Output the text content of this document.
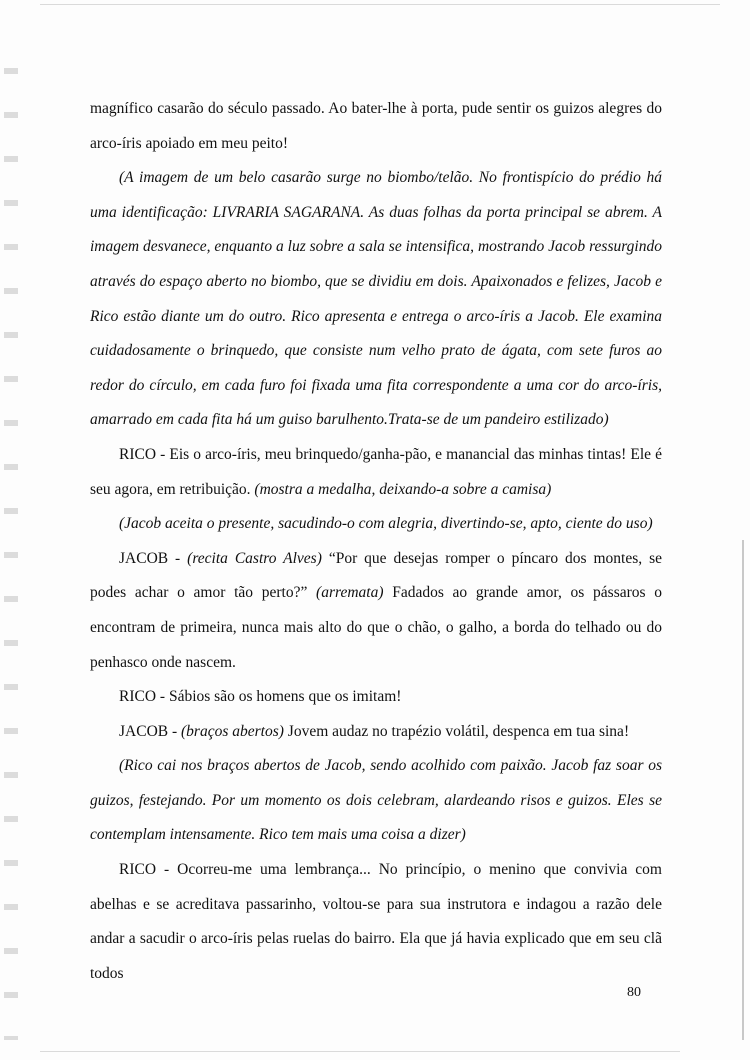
magnífico casarão do século passado. Ao bater-lhe à porta, pude sentir os guizos alegres do arco-íris apoiado em meu peito!

(A imagem de um belo casarão surge no biombo/telão. No frontispício do prédio há uma identificação: LIVRARIA SAGARANA. As duas folhas da porta principal se abrem. A imagem desvanece, enquanto a luz sobre a sala se intensifica, mostrando Jacob ressurgindo através do espaço aberto no biombo, que se dividiu em dois. Apaixonados e felizes, Jacob e Rico estão diante um do outro. Rico apresenta e entrega o arco-íris a Jacob. Ele examina cuidadosamente o brinquedo, que consiste num velho prato de ágata, com sete furos ao redor do círculo, em cada furo foi fixada uma fita correspondente a uma cor do arco-íris, amarrado em cada fita há um guiso barulhento.Trata-se de um pandeiro estilizado)

RICO - Eis o arco-íris, meu brinquedo/ganha-pão, e manancial das minhas tintas! Ele é seu agora, em retribuição. (mostra a medalha, deixando-a sobre a camisa)

(Jacob aceita o presente, sacudindo-o com alegria, divertindo-se, apto, ciente do uso)

JACOB - (recita Castro Alves) “Por que desejas romper o píncaro dos montes, se podes achar o amor tão perto?” (arremata) Fadados ao grande amor, os pássaros o encontram de primeira, nunca mais alto do que o chão, o galho, a borda do telhado ou do penhasco onde nascem.

RICO - Sábios são os homens que os imitam!

JACOB - (braços abertos) Jovem audaz no trapézio volátil, despenca em tua sina!

(Rico cai nos braços abertos de Jacob, sendo acolhido com paixão. Jacob faz soar os guizos, festejando. Por um momento os dois celebram, alardeando risos e guizos. Eles se contemplam intensamente. Rico tem mais uma coisa a dizer)

RICO - Ocorreu-me uma lembrança... No princípio, o menino que convivia com abelhas e se acreditava passarinho, voltou-se para sua instrutora e indagou a razão dele andar a sacudir o arco-íris pelas ruelas do bairro. Ela que já havia explicado que em seu clã todos

80
